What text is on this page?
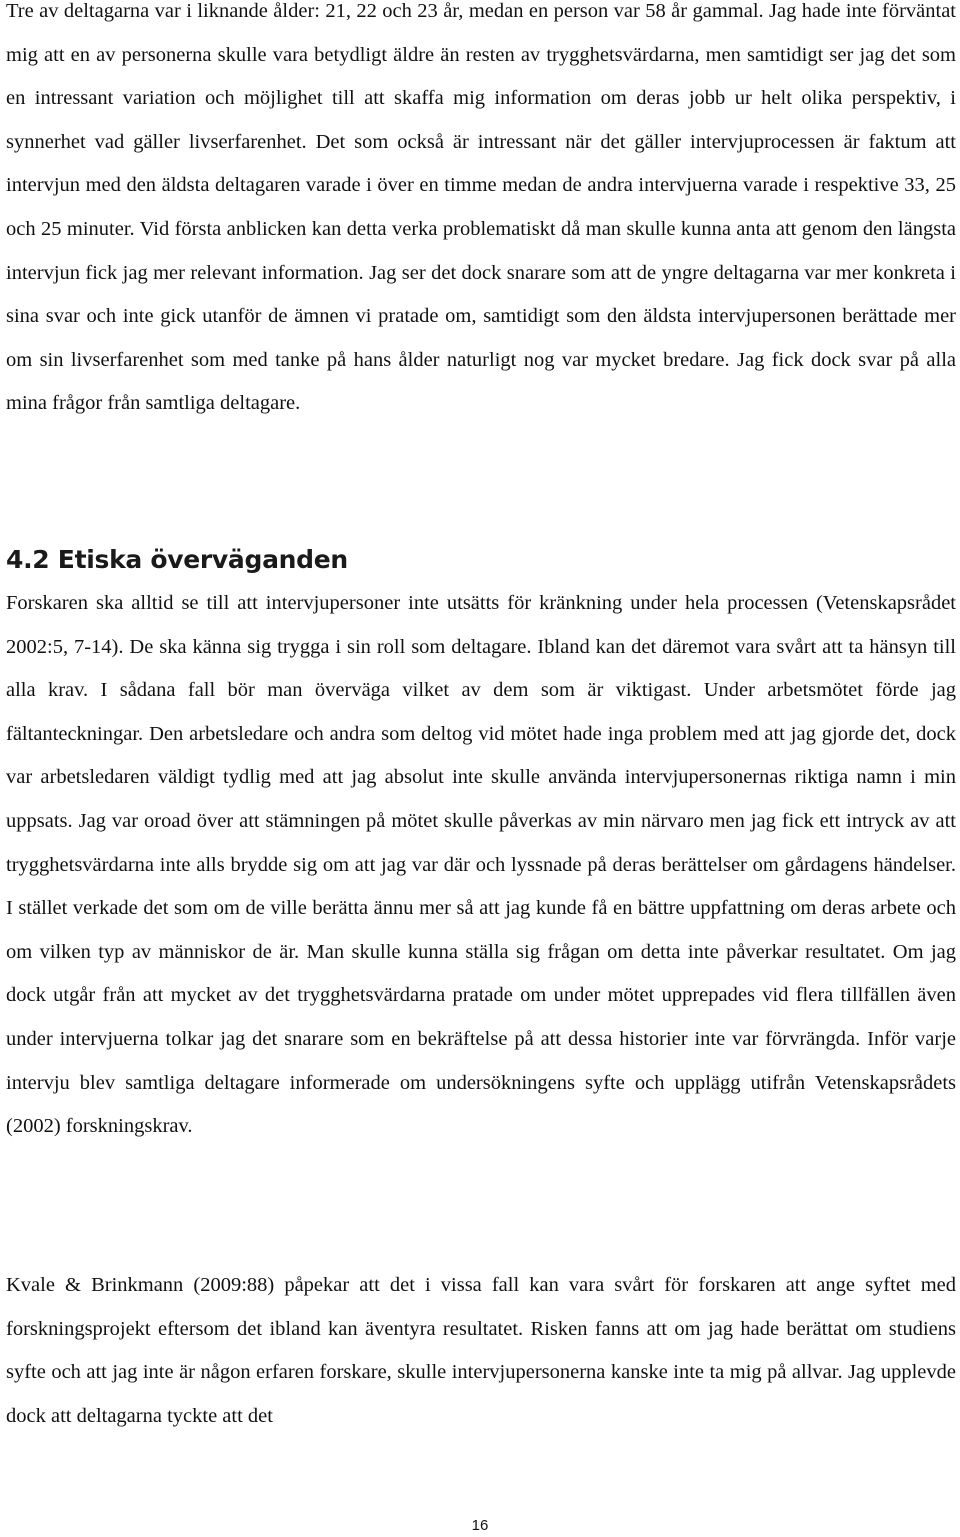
Tre av deltagarna var i liknande ålder: 21, 22 och 23 år, medan en person var 58 år gammal. Jag hade inte förväntat mig att en av personerna skulle vara betydligt äldre än resten av trygghetsvärdarna, men samtidigt ser jag det som en intressant variation och möjlighet till att skaffa mig information om deras jobb ur helt olika perspektiv, i synnerhet vad gäller livserfarenhet. Det som också är intressant när det gäller intervjuprocessen är faktum att intervjun med den äldsta deltagaren varade i över en timme medan de andra intervjuerna varade i respektive 33, 25 och 25 minuter. Vid första anblicken kan detta verka problematiskt då man skulle kunna anta att genom den längsta intervjun fick jag mer relevant information. Jag ser det dock snarare som att de yngre deltagarna var mer konkreta i sina svar och inte gick utanför de ämnen vi pratade om, samtidigt som den äldsta intervjupersonen berättade mer om sin livserfarenhet som med tanke på hans ålder naturligt nog var mycket bredare. Jag fick dock svar på alla mina frågor från samtliga deltagare.

4.2 Etiska överväganden

Forskaren ska alltid se till att intervjupersoner inte utsätts för kränkning under hela processen (Vetenskapsrådet 2002:5, 7-14). De ska känna sig trygga i sin roll som deltagare. Ibland kan det däremot vara svårt att ta hänsyn till alla krav. I sådana fall bör man överväga vilket av dem som är viktigast. Under arbetsmötet förde jag fältanteckningar. Den arbetsledare och andra som deltog vid mötet hade inga problem med att jag gjorde det, dock var arbetsledaren väldigt tydlig med att jag absolut inte skulle använda intervjupersonernas riktiga namn i min uppsats. Jag var oroad över att stämningen på mötet skulle påverkas av min närvaro men jag fick ett intryck av att trygghetsvärdarna inte alls brydde sig om att jag var där och lyssnade på deras berättelser om gårdagens händelser. I stället verkade det som om de ville berätta ännu mer så att jag kunde få en bättre uppfattning om deras arbete och om vilken typ av människor de är. Man skulle kunna ställa sig frågan om detta inte påverkar resultatet. Om jag dock utgår från att mycket av det trygghetsvärdarna pratade om under mötet upprepades vid flera tillfällen även under intervjuerna tolkar jag det snarare som en bekräftelse på att dessa historier inte var förvrängda. Inför varje intervju blev samtliga deltagare informerade om undersökningens syfte och upplägg utifrån Vetenskapsrådets (2002) forskningskrav.

Kvale & Brinkmann (2009:88) påpekar att det i vissa fall kan vara svårt för forskaren att ange syftet med forskningsprojekt eftersom det ibland kan äventyra resultatet. Risken fanns att om jag hade berättat om studiens syfte och att jag inte är någon erfaren forskare, skulle intervjupersonerna kanske inte ta mig på allvar. Jag upplevde dock att deltagarna tyckte att det

16
